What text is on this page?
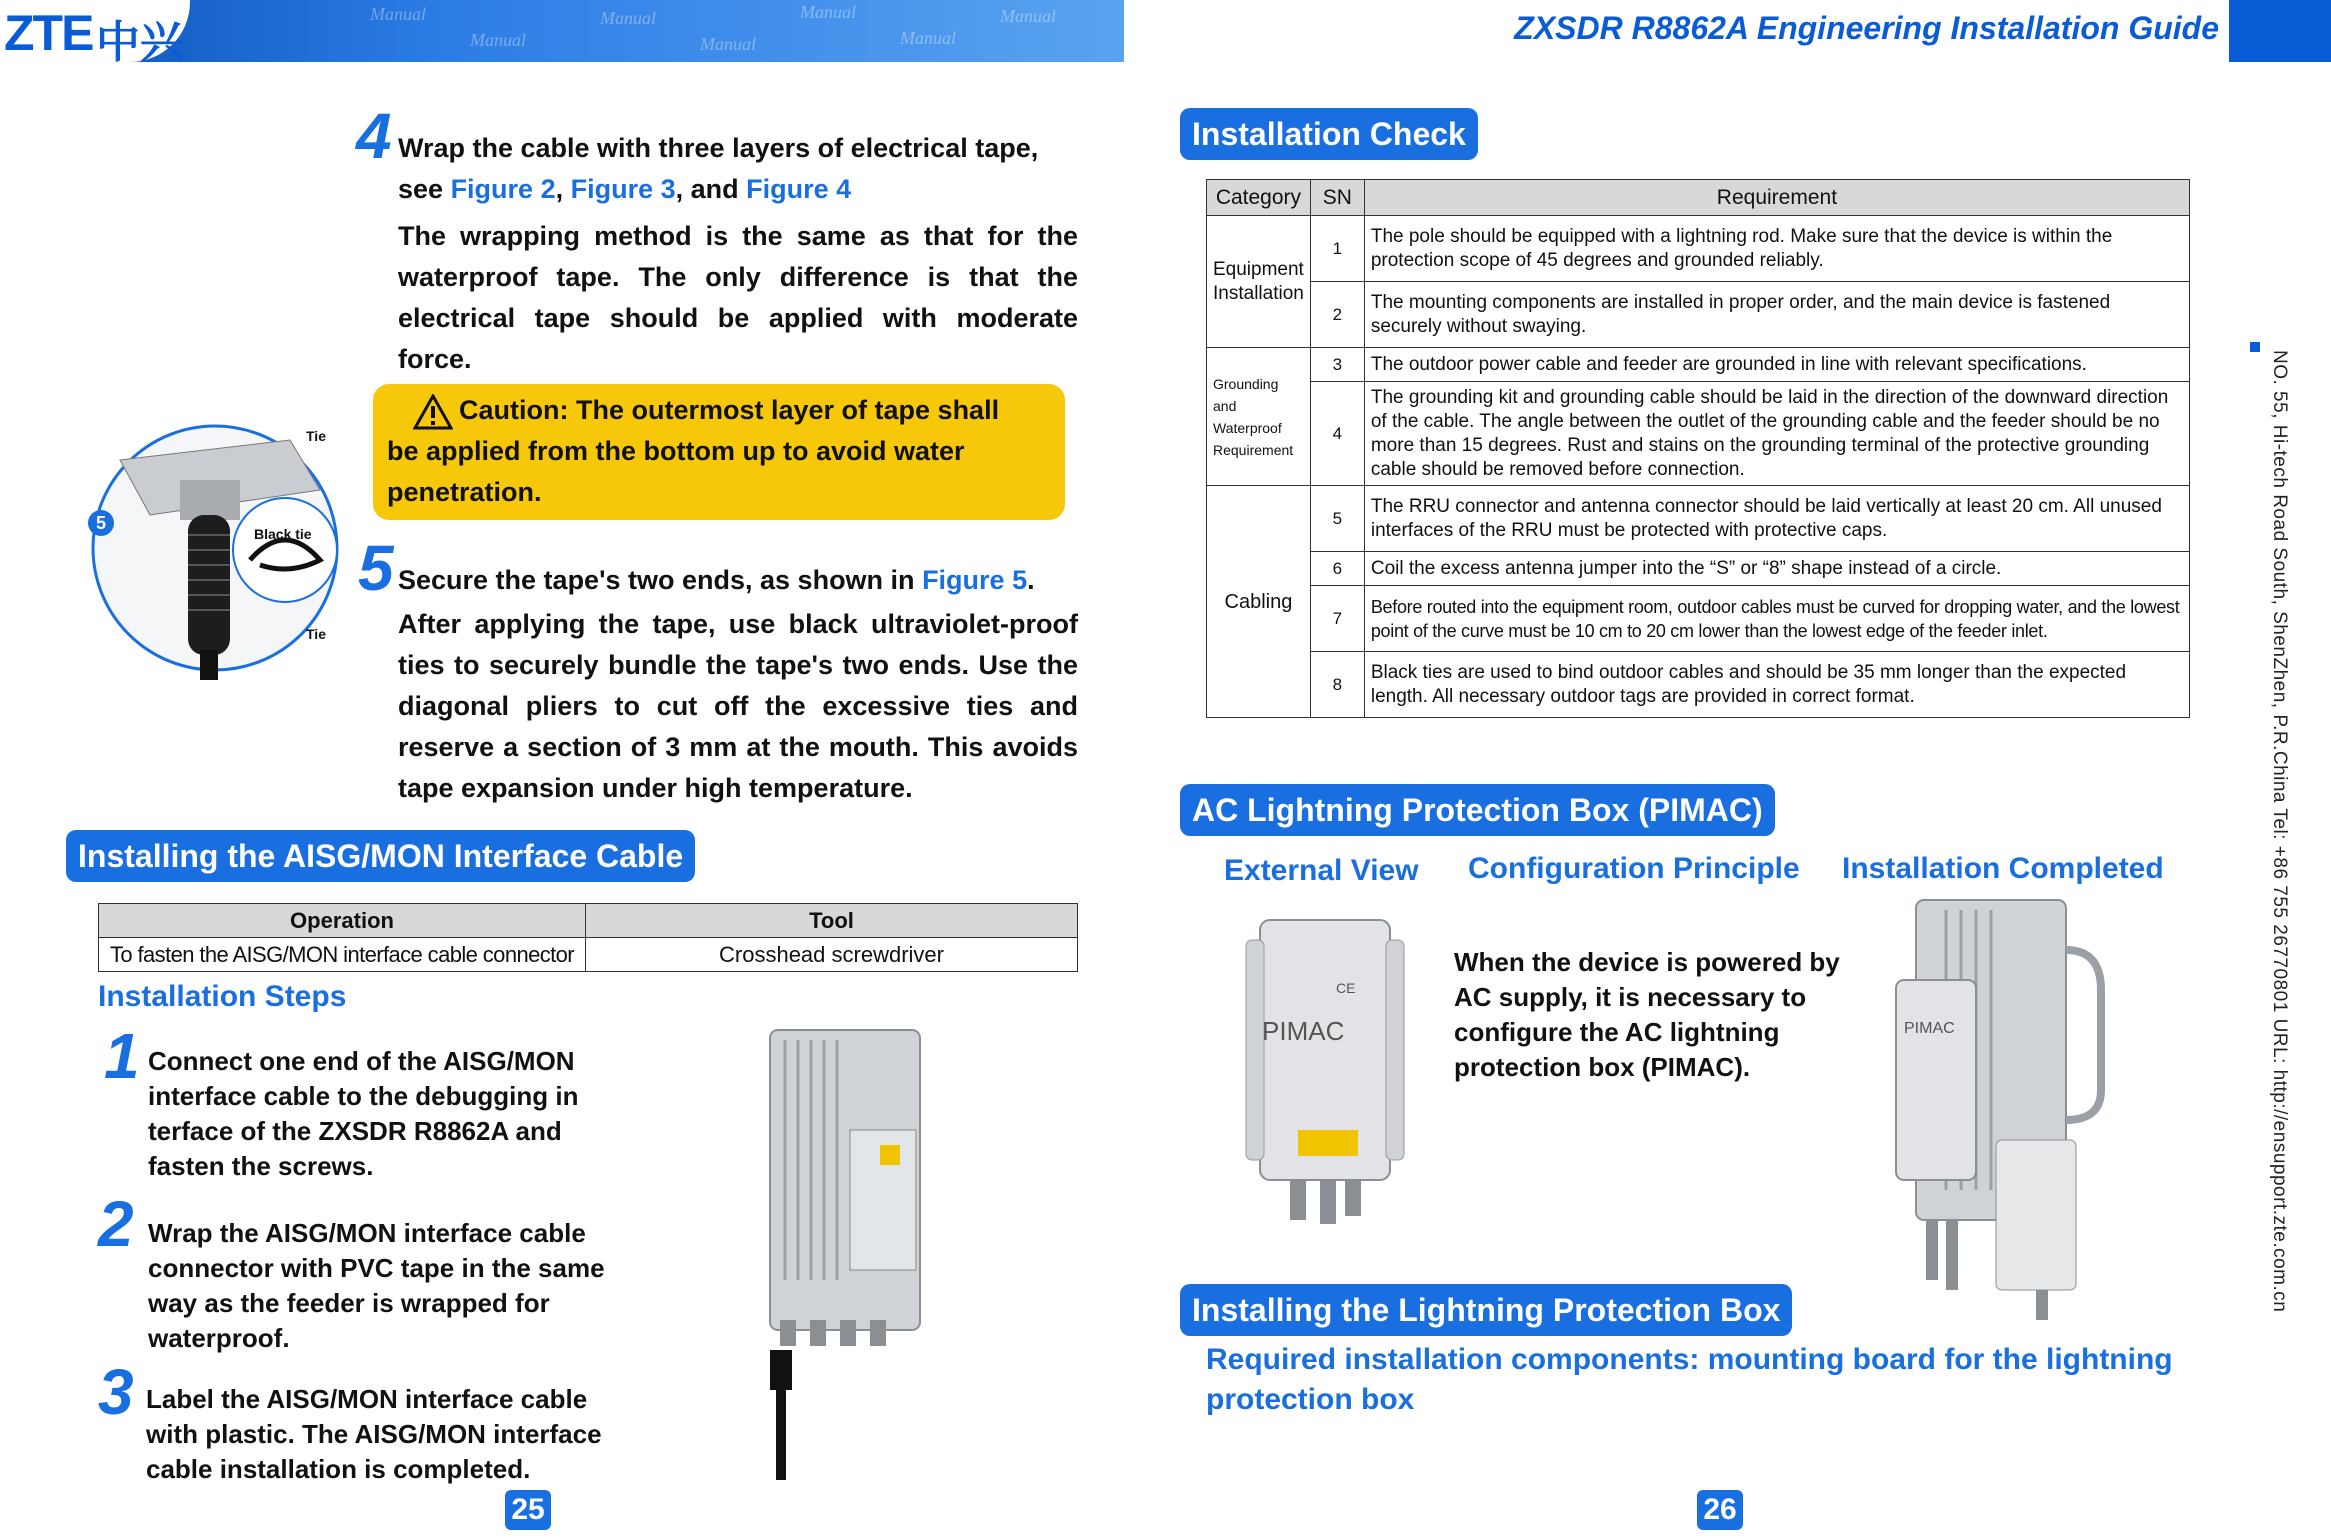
Manual
Manual
Manual
Manual
Manual
Manual
Manual
ZTE 中兴	ZXSDR R8862A Engineering Installation Guide
NO. 55, Hi-tech Road South, ShenZhen, P.R.China Tel: +86 755 26770801 URL: http://ensupport.zte.com.cn
4 Wrap the cable with three layers of electrical tape,
see Figure 2, Figure 3, and Figure 4
The wrapping method is the same as that for the waterproof tape. The only difference is that the electrical tape should be applied with moderate force.

Caution: The outermost layer of tape shall

be applied from the bottom up to avoid water

penetration.

5
Tie
Black tie
Tie
5 Secure the tape's two ends, as shown in Figure 5.
After applying the tape, use black ultraviolet-proof ties to securely bundle the tape's two ends. Use the diagonal pliers to cut off the excessive ties and reserve a section of 3 mm at the mouth. This avoids tape expansion under high temperature.
Installing the AISG/MON Interface Cable
Operation	Tool
To fasten the AISG/MON interface cable connector	Crosshead screwdriver
Installation Steps
1 Connect one end of the AISG/MON interface cable to the debugging in terface of the ZXSDR R8862A and fasten the screws.
2 Wrap the AISG/MON interface cable connector with PVC tape in the same way as the feeder is wrapped for waterproof.
3 Label the AISG/MON interface cable with plastic. The AISG/MON interface cable installation is completed.
25
Installation Check
Category	SN	Requirement
Equipment Installation	1	The pole should be equipped with a lightning rod. Make sure that the device is within the protection scope of 45 degrees and grounded reliably.
	2	The mounting components are installed in proper order, and the main device is fastened securely without swaying.
Grounding and Waterproof Requirement	3	The outdoor power cable and feeder are grounded in line with relevant specifications.
	4	The grounding kit and grounding cable should be laid in the direction of the downward direction of the cable. The angle between the outlet of the grounding cable and the feeder should be no more than 15 degrees. Rust and stains on the grounding terminal of the protective grounding cable should be removed before connection.
Cabling	5	The RRU connector and antenna connector should be laid vertically at least 20 cm. All unused interfaces of the RRU must be protected with protective caps.
	6	Coil the excess antenna jumper into the “S” or “8” shape instead of a circle.
	7	Before routed into the equipment room, outdoor cables must be curved for dropping water, and the lowest point of the curve must be 10 cm to 20 cm lower than the lowest edge of the feeder inlet.
	8	Black ties are used to bind outdoor cables and should be 35 mm longer than the expected length. All necessary outdoor tags are provided in correct format.
AC Lightning Protection Box (PIMAC)
External View Configuration Principle Installation Completed
CE
PIMAC
When the device is powered by AC supply, it is necessary to configure the AC lightning protection box (PIMAC).
PIMAC
Installing the Lightning Protection Box
Required installation components: mounting board for the lightning protection box
26
